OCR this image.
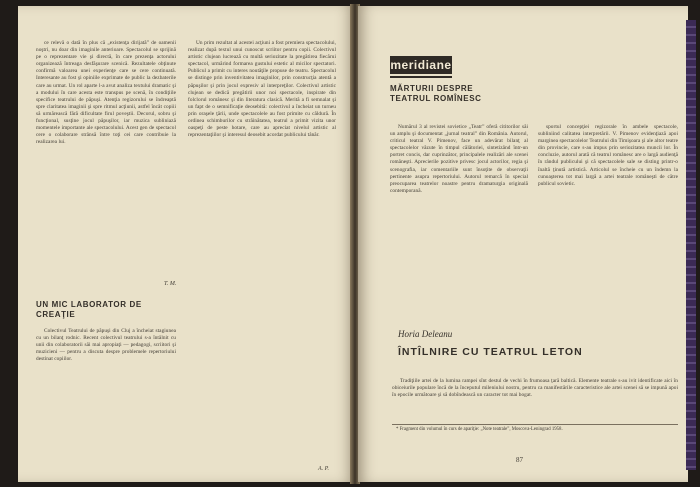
ce relevă o dată în plus că „existenţa dirijată” de oamenii noştri, nu doar din imaginile anterioare. Spectacolul se sprijină pe o reprezentare vie şi directă, în care prezenţa actorului organizează întreaga desfăşurare scenică. Rezultatele obţinute confirmă valoarea unei experienţe care se cere continuată. Interesante au fost şi opiniile exprimate de public la dezbaterile care au urmat. Un rol aparte l-a avut analiza textului dramatic şi a modului în care acesta este transpus pe scenă, în condiţiile specifice teatrului de păpuşi. Atenţia regizorului se îndreaptă spre claritatea imaginii şi spre ritmul acţiunii, astfel încât copiii să urmărească fără dificultate firul poveştii. Decorul, sobru şi funcţional, susţine jocul păpuşilor, iar muzica subliniază momentele importante ale spectacolului. Acest gen de spectacol cere o colaborare strânsă între toţi cei care contribuie la realizarea lui.

T. M.
UN MIC LABORATOR DE CREAŢIE

Colectivul Teatrului de păpuşi din Cluj a încheiat stagiunea cu un bilanţ rodnic. Recent colectivul teatrului s-a întâlnit cu unii din colaboratorii săi mai apropiaţi — pedagogi, scriitori şi muzicieni — pentru a discuta despre problemele repertoriului destinat copiilor.

Un prim rezultat al acestei acţiuni a fost premiera spectacolului, realizat după textul unui cunoscut scriitor pentru copii. Colectivul artistic clujean lucrează cu multă seriozitate la pregătirea fiecărui spectacol, urmărind formarea gustului estetic al micilor spectatori. Publicul a primit cu interes noutăţile propuse de teatru. Spectacolul se distinge prin inventivitatea imaginilor, prin construcţia atentă a păpuşilor şi prin jocul expresiv al interpreţilor. Colectivul artistic clujean se dedică pregătirii unor noi spectacole, inspirate din folclorul românesc şi din literatura clasică. Merită a fi semnalat şi un fapt de o semnificaţie deosebită: colectivul a încheiat un turneu prin oraşele ţării, unde spectacolele au fost primite cu căldură. În ordinea schimburilor cu străinătatea, teatrul a primit vizita unor oaspeţi de peste hotare, care au apreciat nivelul artistic al reprezentaţiilor şi interesul deosebit acordat publicului tânăr.

A. P.
meridiane
MĂRTURII DESPRE TEATRUL ROMÎNESC

Numărul 3 al revistei sovietice „Teatr” oferă cititorilor săi un amplu şi documentat „jurnal teatral” din România. Autorul, criticul teatral V. Pimenov, face un adevărat bilanţ al spectacolelor văzute în timpul călătoriei, sintetizând într-un portret concis, dar cuprinzător, principalele realizări ale scenei româneşti. Aprecierile pozitive privesc jocul actorilor, regia şi scenografia, iar comentariile sunt însoţite de observaţii pertinente asupra repertoriului. Autorul remarcă în special preocuparea teatrelor noastre pentru dramaturgia originală contemporană.

sportul concepţiei regizorale în ambele spectacole, subliniind calitatea interpretării. V. Pimenov evidenţiază apoi marginea spectacolelor Teatrului din Timişoara şi ale altor teatre din provincie, care s-au impus prin seriozitatea muncii lor. În concluzie, autorul arată că teatrul românesc are o largă audienţă în rândul publicului şi că spectacolele sale se disting printr-o înaltă ţinută artistică. Articolul se încheie cu un îndemn la cunoaşterea tot mai largă a artei teatrale româneşti de către publicul sovietic.

Horia Deleanu
ÎNTÎLNIRE CU TEATRUL LETON

Tradiţiile artei de la lumina rampei sînt destul de vechi în frumoasa ţară baltică. Elemente teatrale s-au ivit identificate aici în obiceiurile populare încă de la începutul mileniului nostru, pentru ca manifestările caracteristice ale artei scenei să se impună apoi în epocile următoare şi să dobîndească un caracter tot mai bogat.

* Fragment din volumul în curs de apariţie: „Note teatrale”, Moscova-Leningrad 1958.
87
